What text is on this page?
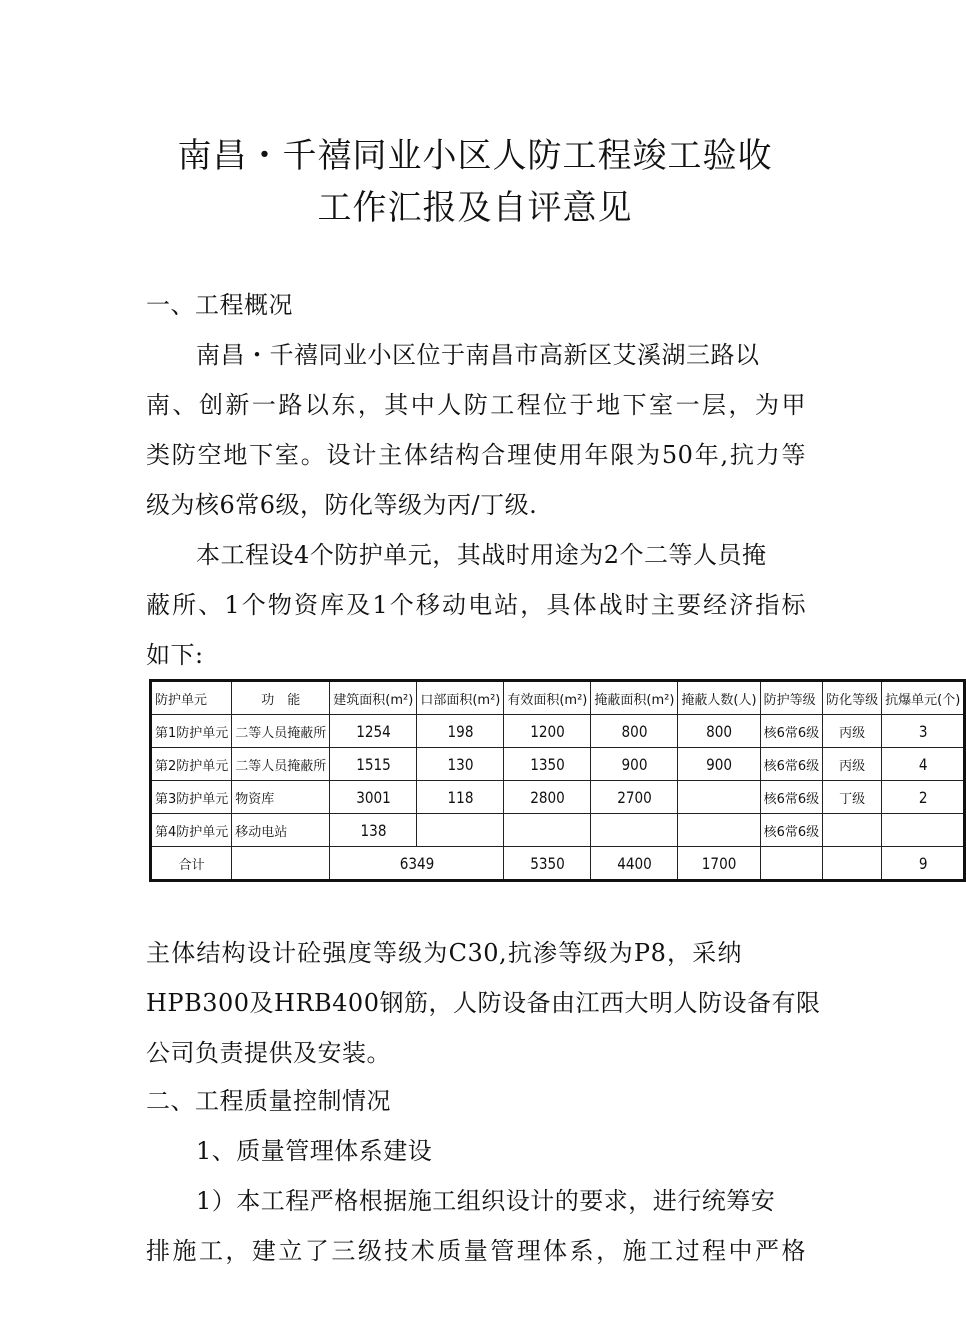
南昌・千禧同业小区人防工程竣工验收
工作汇报及自评意见
一、工程概况
南昌・千禧同业小区位于南昌市高新区艾溪湖三路以
南、创新一路以东，其中人防工程位于地下室一层，为甲
类防空地下室。设计主体结构合理使用年限为50年,抗力等
级为核6常6级，防化等级为丙/丁级.
本工程设4个防护单元，其战时用途为2个二等人员掩
蔽所、1个物资库及1个移动电站，具体战时主要经济指标
如下:
防护单元	功　能	建筑面积(m²)	口部面积(m²)	有效面积(m²)	掩蔽面积(m²)	掩蔽人数(人)	防护等级	防化等级	抗爆单元(个)
第1防护单元	二等人员掩蔽所	1254	198	1200	800	800	核6常6级	丙级	3
第2防护单元	二等人员掩蔽所	1515	130	1350	900	900	核6常6级	丙级	4
第3防护单元	物资库	3001	118	2800	2700		核6常6级	丁级	2
第4防护单元	移动电站	138					核6常6级		
合计		6349		5350	4400	1700			9
主体结构设计砼强度等级为C30,抗渗等级为P8，采纳
HPB300及HRB400钢筋，人防设备由江西大明人防设备有限
公司负责提供及安装。
二、工程质量控制情况
1、质量管理体系建设
1）本工程严格根据施工组织设计的要求，进行统筹安
排施工，建立了三级技术质量管理体系，施工过程中严格
